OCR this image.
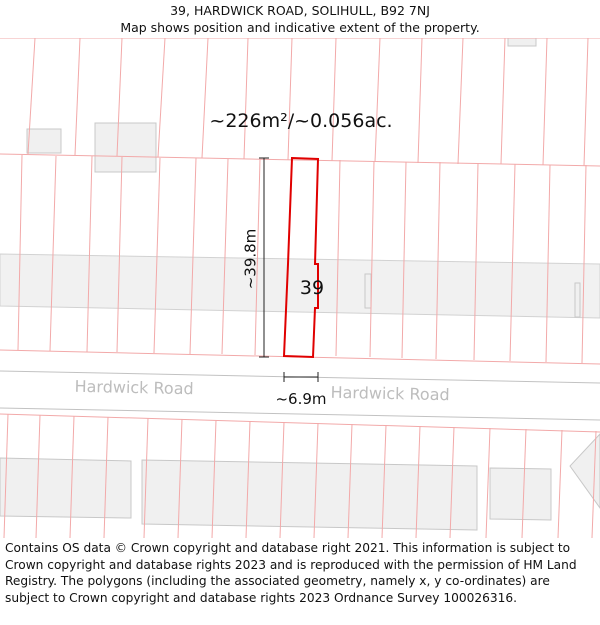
39, HARDWICK ROAD, SOLIHULL, B92 7NJ
Map shows position and indicative extent of the property.
~226m²/~0.056ac.
~39.8m
~6.9m
39
Hardwick Road	Hardwick Road
Contains OS data © Crown copyright and database right 2021. This information is subject to Crown copyright and database rights 2023 and is reproduced with the permission of HM Land Registry. The polygons (including the associated geometry, namely x, y co-ordinates) are subject to Crown copyright and database rights 2023 Ordnance Survey 100026316.
